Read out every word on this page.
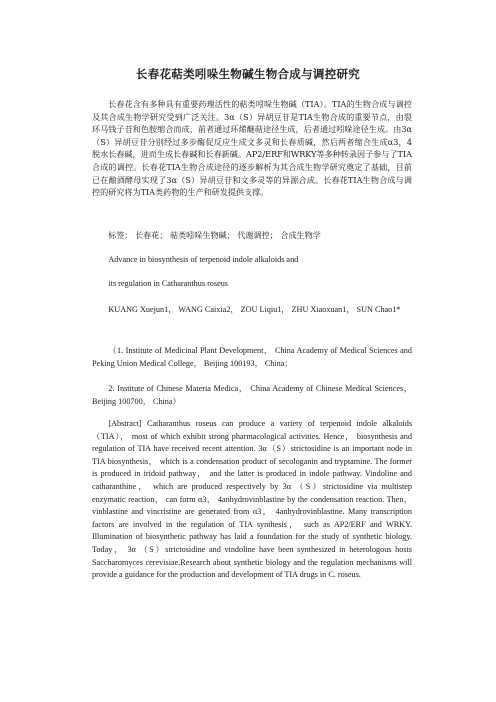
长春花萜类吲哚生物碱生物合成与调控研究

长春花含有多种具有重要药理活性的萜类吲哚生物碱（TIA）。TIA的生物合成与调控及其合成生物学研究受到广泛关注。3α（S）异胡豆苷是TIA生物合成的重要节点，由裂环马钱子苷和色胺缩合而成，前者通过环烯醚萜途径生成，后者通过吲哚途径生成。由3α（S）异胡豆苷分别经过多步酶促反应生成文多灵和长春质碱，然后两者缩合生成α3，4脱水长春碱，进而生成长春碱和长春新碱。AP2/ERF和WRKY等多种转录因子参与了TIA合成的调控。长春花TIA生物合成途径的逐步解析为其合成生物学研究奠定了基础，目前已在酿酒酵母实现了3α（S）异胡豆苷和文多灵等的异源合成。长春花TIA生物合成与调控的研究将为TIA类药物的生产和研发提供支撑。

标签： 长春花； 萜类吲哚生物碱； 代谢调控； 合成生物学

Advance in biosynthesis of terpenoid indole alkaloids and

its regulation in Catharanthus roseus

KUANG Xuejun1， WANG Caixia2， ZOU Liqiu1， ZHU Xiaoxuan1， SUN Chao1*

（1. Institute of Medicinal Plant Development， China Academy of Medical Sciences and Peking Union Medical College， Beijing 100193， China；

2. Institute of Chinese Materia Medica， China Academy of Chinese Medical Sciences， Beijing 100700， China）

[Abstract] Catharanthus roseus can produce a variety of terpenoid indole alkaloids （TIA）， most of which exhibit strong pharmacological activities. Hence， biosynthesis and regulation of TIA have received recent attention. 3α（S）strictosidine is an important node in TIA biosynthesis， which is a condensation product of secologanin and tryptamine. The former is produced in iridoid pathway， and the latter is produced in indole pathway. Vindoline and catharanthine， which are produced respectively by 3α （S）strictosidine via multistep enzymatic reaction， can form α3， 4anhydrovinblastine by the condensation reaction. Then， vinblastine and vincristine are generated from α3， 4anhydrovinblastine. Many transcription factors are involved in the regulation of TIA synthesis， such as AP2/ERF and WRKY. Illumination of biosynthetic pathway has laid a foundation for the study of synthetic biology. Today， 3α （S）strictosidine and vindoline have been synthesized in heterologous hosts Saccharomyces cerevisiae.Research about synthetic biology and the regulation mechanisms will provide a guidance for the production and development of TIA drugs in C. roseus.
